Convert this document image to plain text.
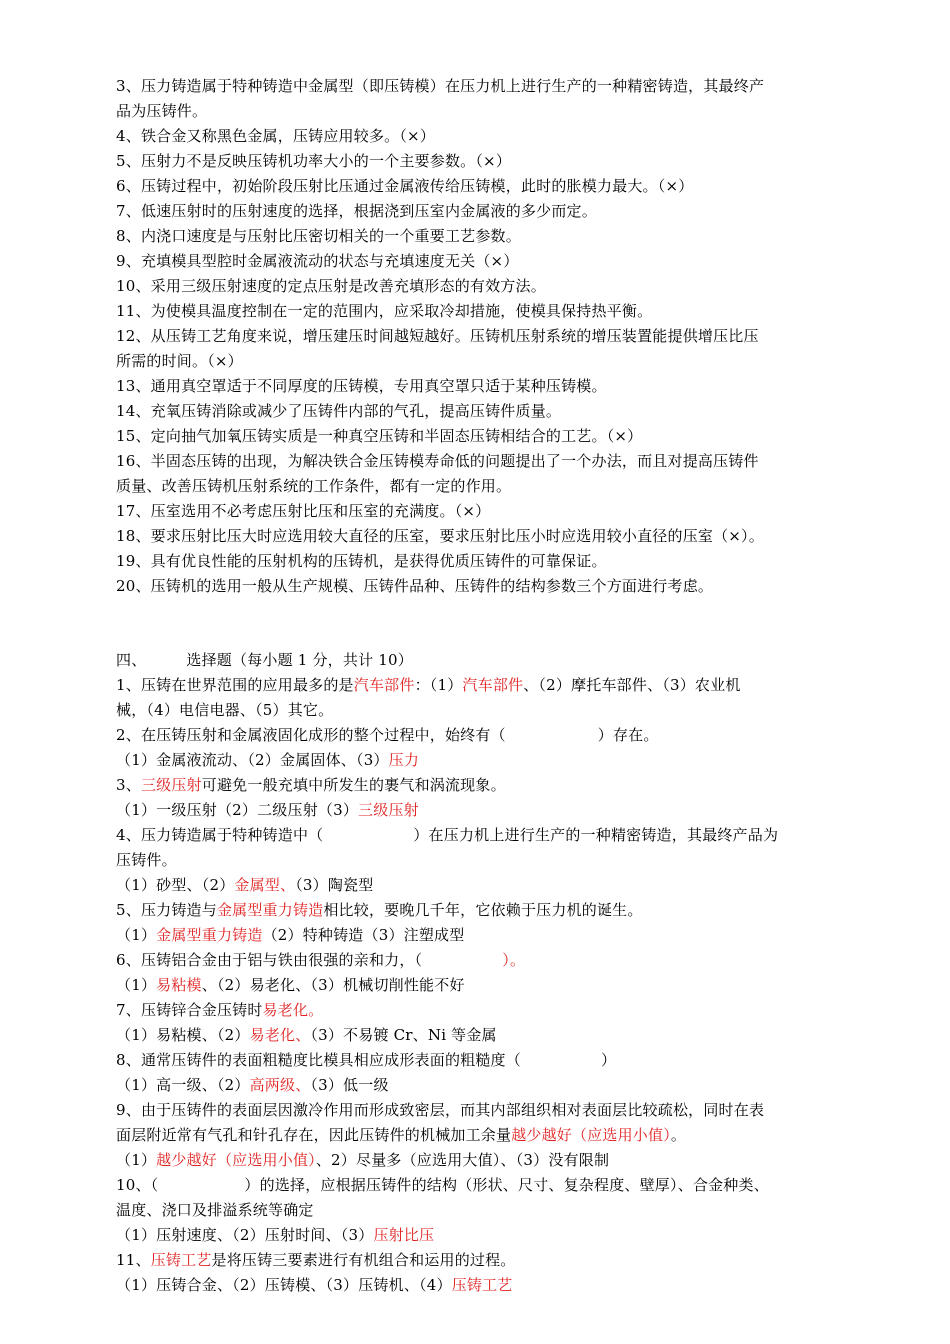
3、压力铸造属于特种铸造中金属型（即压铸模）在压力机上进行生产的一种精密铸造，其最终产
品为压铸件。
4、铁合金又称黑色金属，压铸应用较多。（×）
5、压射力不是反映压铸机功率大小的一个主要参数。（×）
6、压铸过程中，初始阶段压射比压通过金属液传给压铸模，此时的胀模力最大。（×）
7、低速压射时的压射速度的选择，根据浇到压室内金属液的多少而定。
8、内浇口速度是与压射比压密切相关的一个重要工艺参数。
9、充填模具型腔时金属液流动的状态与充填速度无关（×）
10、采用三级压射速度的定点压射是改善充填形态的有效方法。
11、为使模具温度控制在一定的范围内，应采取冷却措施，使模具保持热平衡。
12、从压铸工艺角度来说，增压建压时间越短越好。压铸机压射系统的增压装置能提供增压比压
所需的时间。（×）
13、通用真空罩适于不同厚度的压铸模，专用真空罩只适于某种压铸模。
14、充氧压铸消除或减少了压铸件内部的气孔，提高压铸件质量。
15、定向抽气加氧压铸实质是一种真空压铸和半固态压铸相结合的工艺。（×）
16、半固态压铸的出现，为解决铁合金压铸模寿命低的问题提出了一个办法，而且对提高压铸件
质量、改善压铸机压射系统的工作条件，都有一定的作用。
17、压室选用不必考虑压射比压和压室的充满度。（×）
18、要求压射比压大时应选用较大直径的压室，要求压射比压小时应选用较小直径的压室（×）。
19、具有优良性能的压射机构的压铸机，是获得优质压铸件的可靠保证。
20、压铸机的选用一般从生产规模、压铸件品种、压铸件的结构参数三个方面进行考虑。
四、	选择题（每小题 1 分，共计 10）
1、压铸在世界范围的应用最多的是汽车部件：（1）汽车部件、（2）摩托车部件、（3）农业机
械，（4）电信电器、（5）其它。
2、在压铸压射和金属液固化成形的整个过程中，始终有（	）存在。
（1）金属液流动、（2）金属固体、（3）压力
3、三级压射可避免一般充填中所发生的裹气和涡流现象。
（1）一级压射（2）二级压射（3）三级压射
4、压力铸造属于特种铸造中（	）在压力机上进行生产的一种精密铸造，其最终产品为
压铸件。
（1）砂型、（2）金属型、（3）陶瓷型
5、压力铸造与金属型重力铸造相比较，要晚几千年，它依赖于压力机的诞生。
（1）金属型重力铸造（2）特种铸造（3）注塑成型
6、压铸铝合金由于铝与铁由很强的亲和力，（	）。
（1）易粘模、（2）易老化、（3）机械切削性能不好
7、压铸锌合金压铸时易老化。
（1）易粘模、（2）易老化、（3）不易镀 Cr、Ni 等金属
8、通常压铸件的表面粗糙度比模具相应成形表面的粗糙度（	）
（1）高一级、（2）高两级、（3）低一级
9、由于压铸件的表面层因激冷作用而形成致密层，而其内部组织相对表面层比较疏松，同时在表
面层附近常有气孔和针孔存在，因此压铸件的机械加工余量越少越好（应选用小值）。
（1）越少越好（应选用小值）、2）尽量多（应选用大值）、（3）没有限制
10、（	）的选择，应根据压铸件的结构（形状、尺寸、复杂程度、壁厚）、合金种类、
温度、浇口及排溢系统等确定
（1）压射速度、（2）压射时间、（3）压射比压
11、压铸工艺是将压铸三要素进行有机组合和运用的过程。
（1）压铸合金、（2）压铸模、（3）压铸机、（4）压铸工艺
